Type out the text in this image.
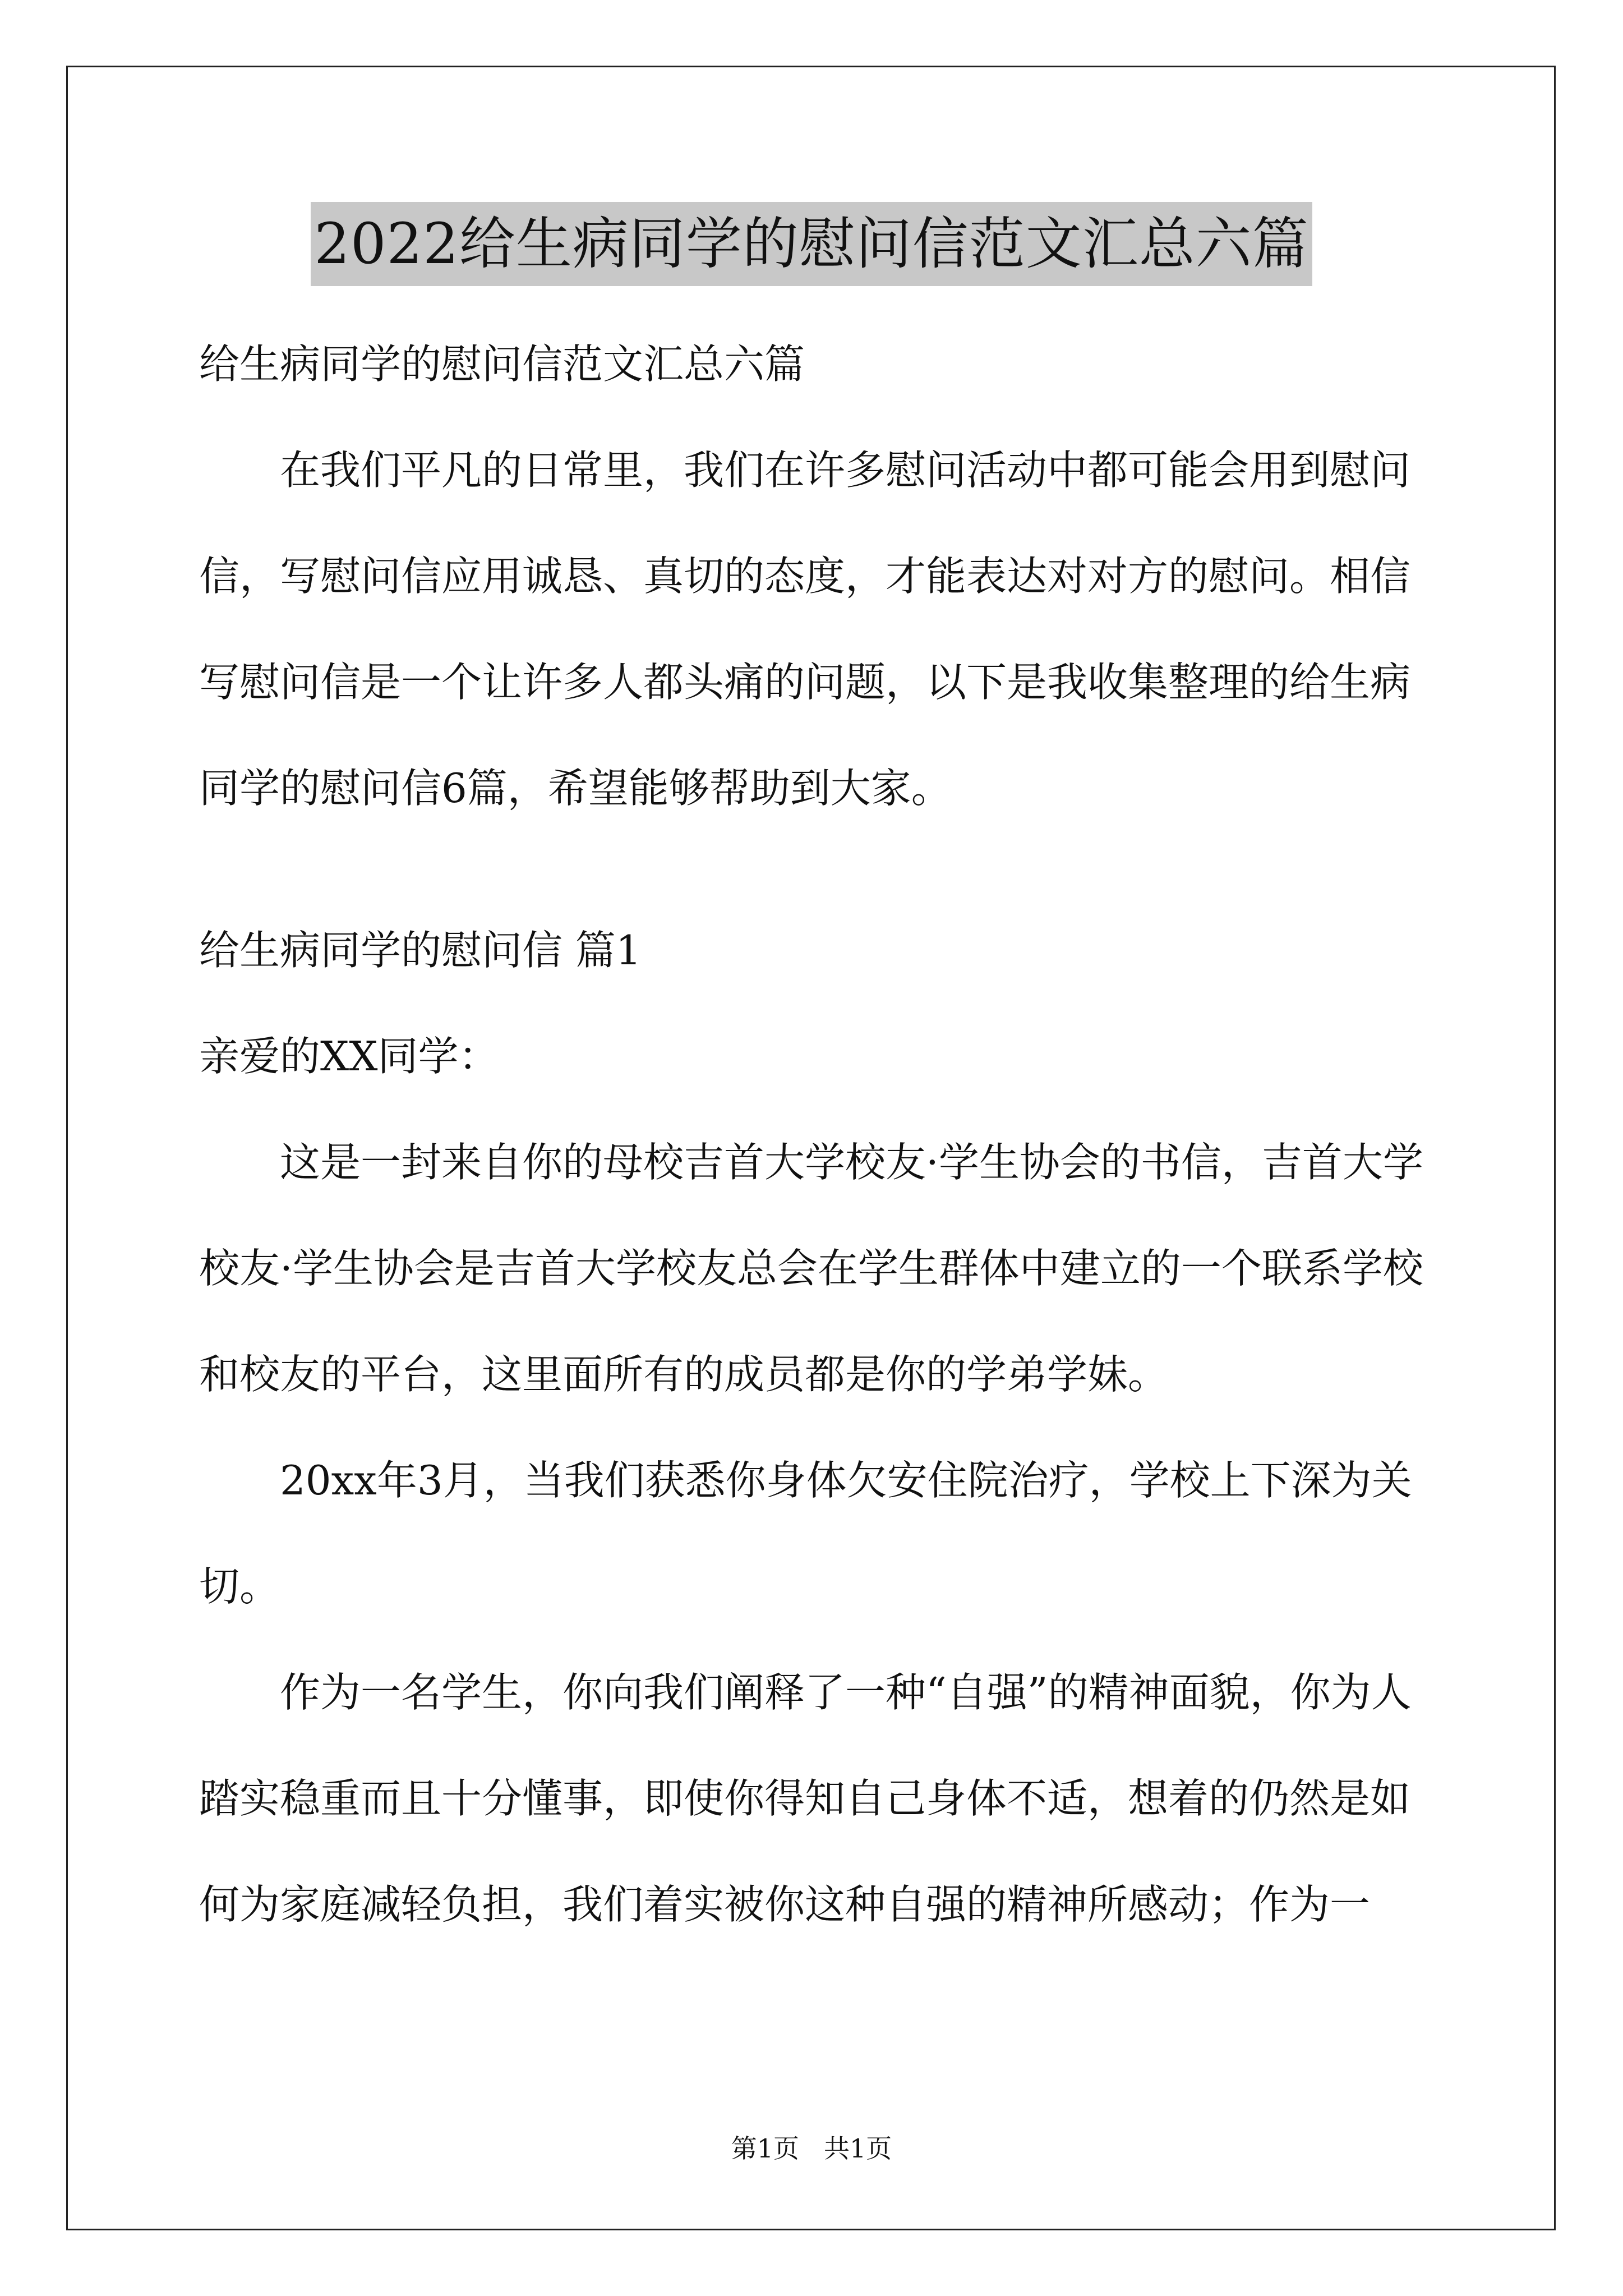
2022给生病同学的慰问信范文汇总六篇

给生病同学的慰问信范文汇总六篇

在我们平凡的日常里，我们在许多慰问活动中都可能会用到慰问信，写慰问信应用诚恳、真切的态度，才能表达对对方的慰问。相信写慰问信是一个让许多人都头痛的问题，以下是我收集整理的给生病同学的慰问信6篇，希望能够帮助到大家。

给生病同学的慰问信 篇1

亲爱的XX同学：

这是一封来自你的母校吉首大学校友·学生协会的书信，吉首大学校友·学生协会是吉首大学校友总会在学生群体中建立的一个联系学校和校友的平台，这里面所有的成员都是你的学弟学妹。

20xx年3月，当我们获悉你身体欠安住院治疗，学校上下深为关切。

作为一名学生，你向我们阐释了一种“自强”的精神面貌，你为人踏实稳重而且十分懂事，即使你得知自己身体不适，想着的仍然是如何为家庭减轻负担，我们着实被你这种自强的精神所感动；作为一

第1页 共1页
